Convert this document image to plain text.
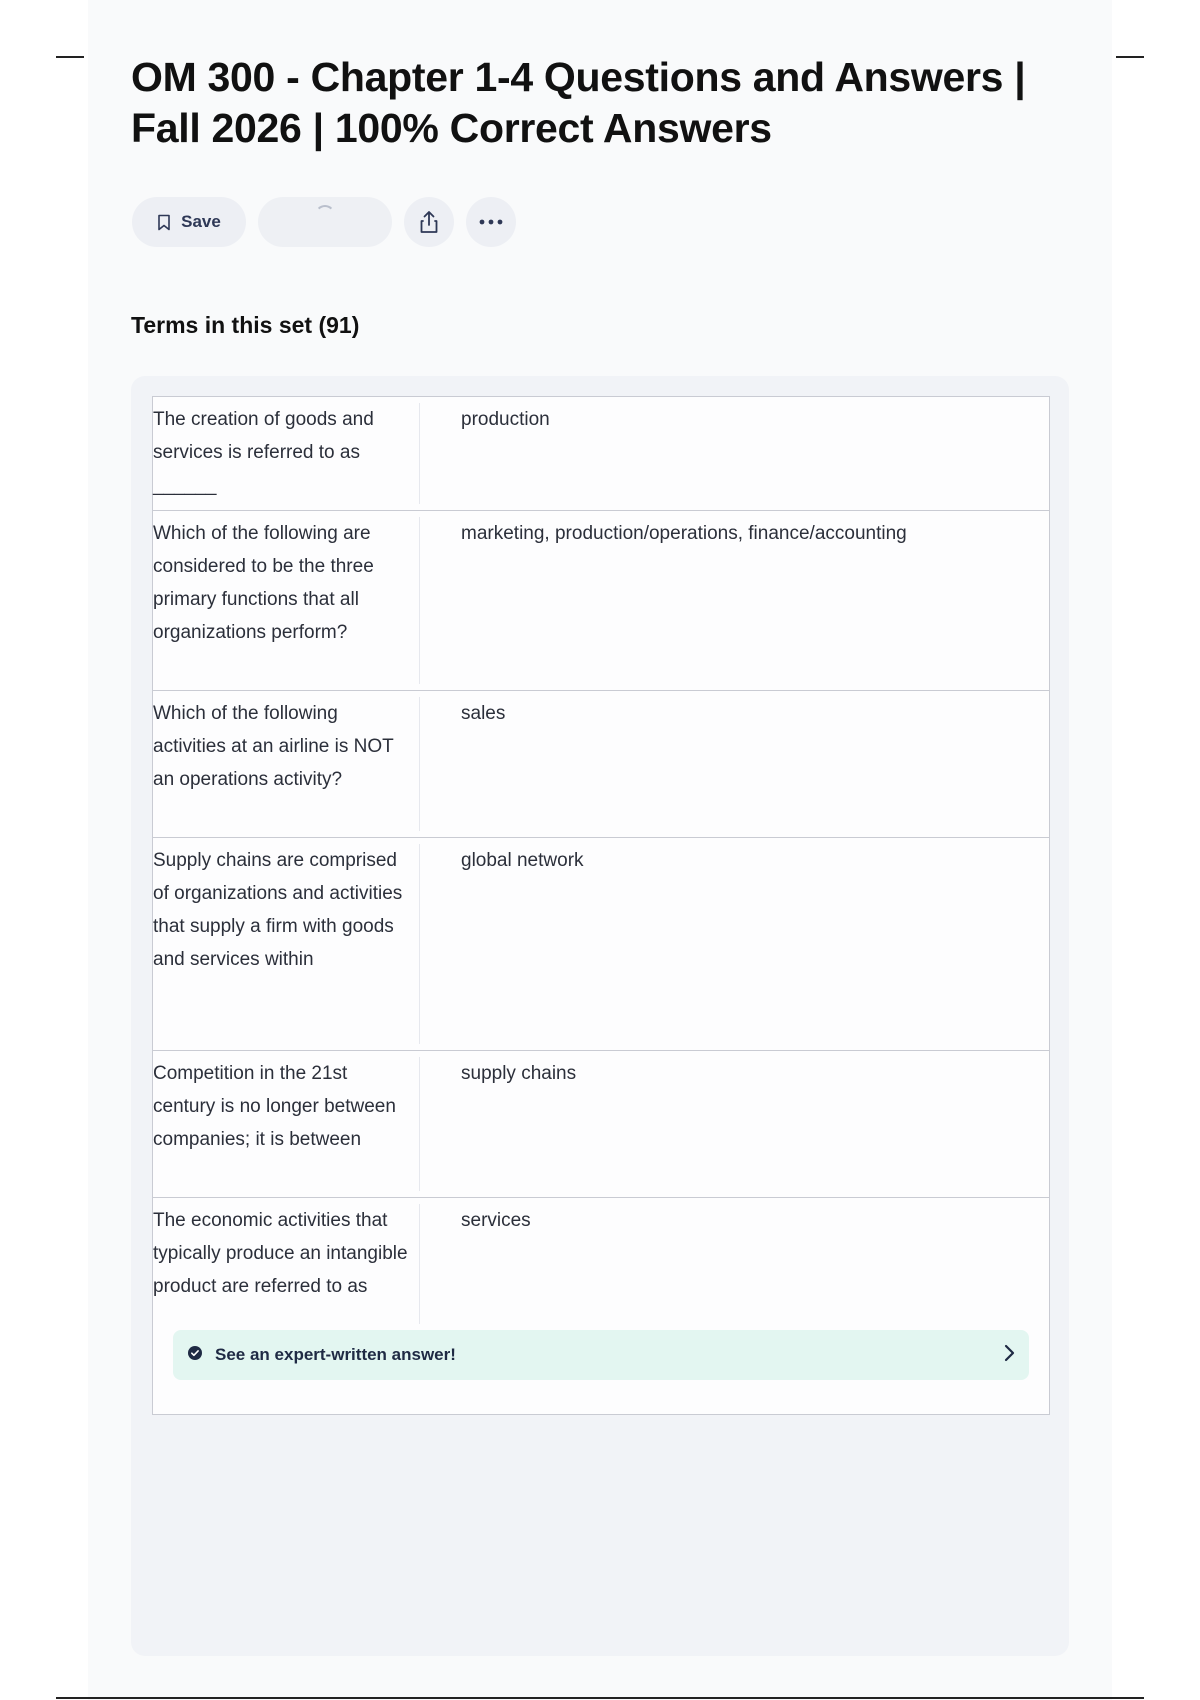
OM 300 - Chapter 1-4 Questions and Answers | Fall 2026 | 100% Correct Answers
Save
Terms in this set (91)
The creation of goods and services is referred to as ______
production
Which of the following are considered to be the three primary functions that all organizations perform?
marketing, production/operations, finance/accounting
Which of the following activities at an airline is NOT an operations activity?
sales
Supply chains are comprised of organizations and activities that supply a firm with goods and services within
global network
Competition in the 21st century is no longer between companies; it is between
supply chains
The economic activities that typically produce an intangible product are referred to as
services
See an expert-written answer!
